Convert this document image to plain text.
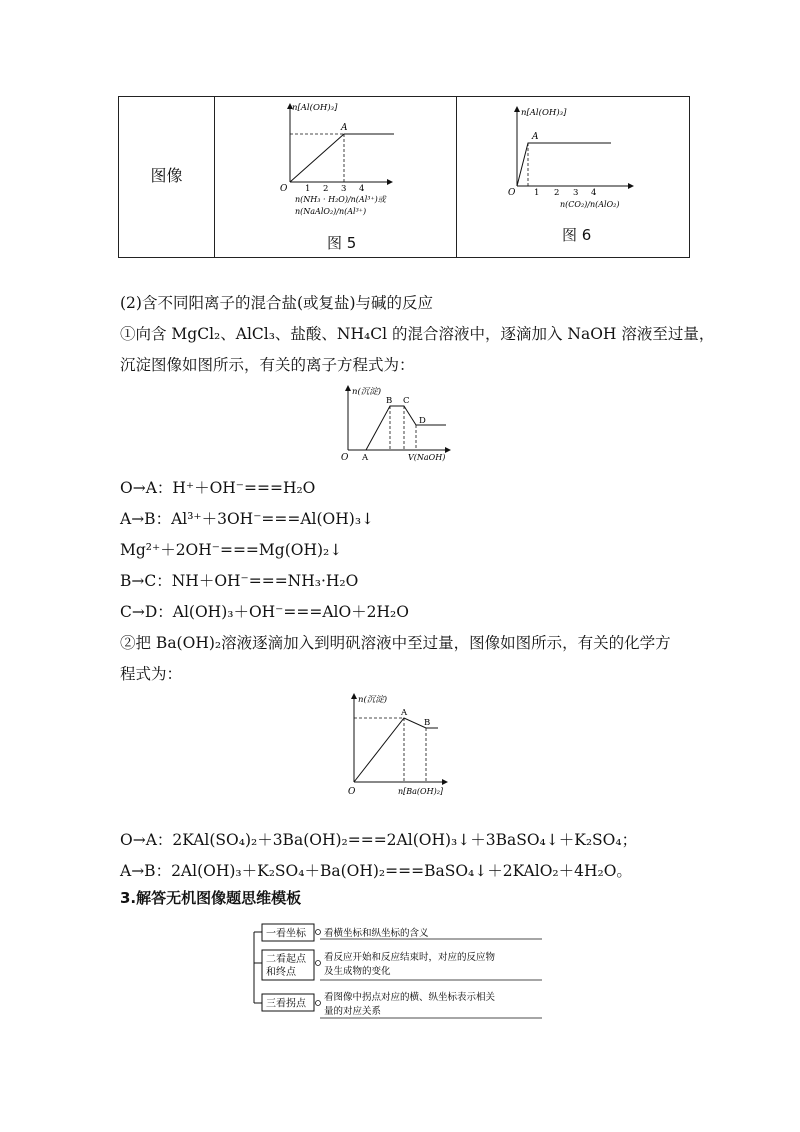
图像
n[Al(OH)₃]
A
O 1 2 3 4
n(NH₃ · H₂O)/n(Al³⁺)或
n(NaAlO₂)/n(Al³⁺)
图 5
n[Al(OH)₃]
A
O 1 2 3 4
n(CO₂)/n(AlO₂)
图 6
(2)含不同阳离子的混合盐(或复盐)与碱的反应
①向含 MgCl₂、AlCl₃、盐酸、NH₄Cl 的混合溶液中，逐滴加入 NaOH 溶液至过量，
沉淀图像如图所示，有关的离子方程式为：
n(沉淀)
O A
B C
D
V(NaOH)
O→A：H⁺＋OH⁻===H₂O
A→B：Al³⁺＋3OH⁻===Al(OH)₃↓
Mg²⁺＋2OH⁻===Mg(OH)₂↓
B→C：NH＋OH⁻===NH₃·H₂O
C→D：Al(OH)₃＋OH⁻===AlO＋2H₂O
②把 Ba(OH)₂溶液逐滴加入到明矾溶液中至过量，图像如图所示，有关的化学方
程式为：
n(沉淀)
O
A
B
n[Ba(OH)₂]
O→A：2KAl(SO₄)₂＋3Ba(OH)₂===2Al(OH)₃↓＋3BaSO₄↓＋K₂SO₄；
A→B：2Al(OH)₃＋K₂SO₄＋Ba(OH)₂===BaSO₄↓＋2KAlO₂＋4H₂O。
3.解答无机图像题思维模板
一看坐标 看横坐标和纵坐标的含义
二看起点
和终点
看反应开始和反应结束时，对应的反应物
及生成物的变化
三看拐点
看图像中拐点对应的横、纵坐标表示相关
量的对应关系
